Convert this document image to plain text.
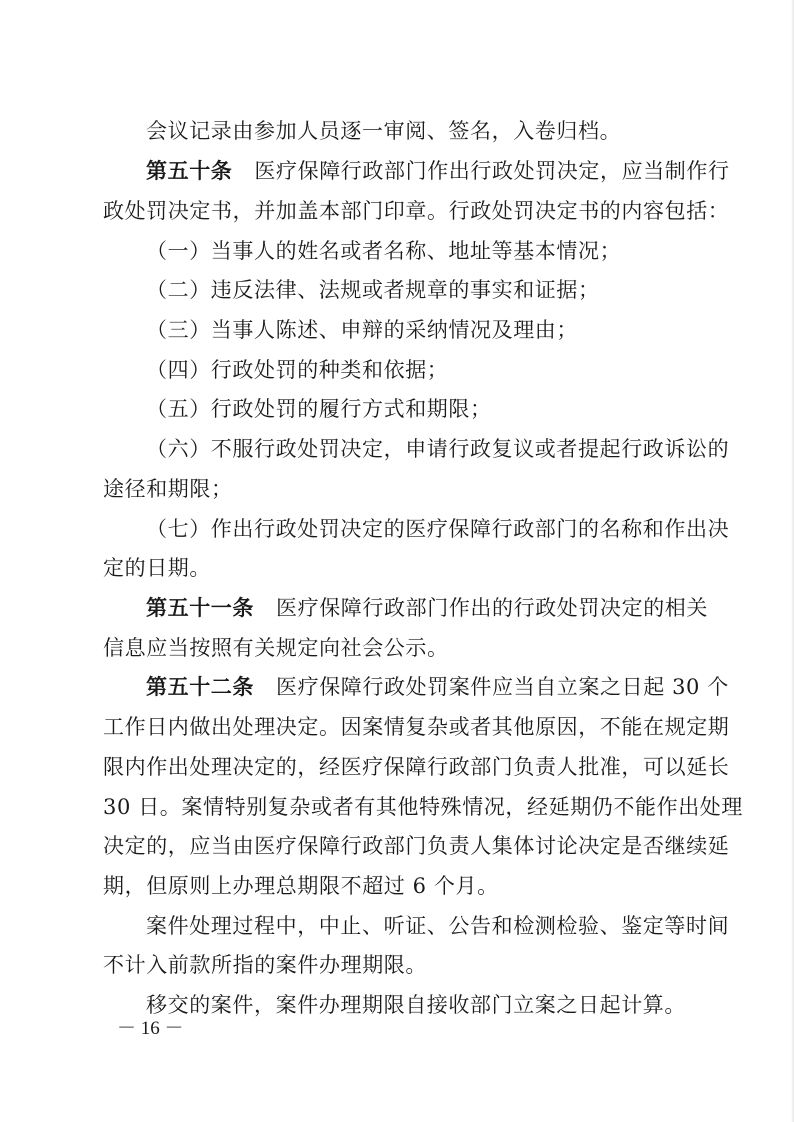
会议记录由参加人员逐一审阅、签名，入卷归档。
第五十条 医疗保障行政部门作出行政处罚决定，应当制作行
政处罚决定书，并加盖本部门印章。行政处罚决定书的内容包括：
（一）当事人的姓名或者名称、地址等基本情况；
（二）违反法律、法规或者规章的事实和证据；
（三）当事人陈述、申辩的采纳情况及理由；
（四）行政处罚的种类和依据；
（五）行政处罚的履行方式和期限；
（六）不服行政处罚决定，申请行政复议或者提起行政诉讼的
途径和期限；
（七）作出行政处罚决定的医疗保障行政部门的名称和作出决
定的日期。
第五十一条 医疗保障行政部门作出的行政处罚决定的相关
信息应当按照有关规定向社会公示。
第五十二条 医疗保障行政处罚案件应当自立案之日起 30 个
工作日内做出处理决定。因案情复杂或者其他原因，不能在规定期
限内作出处理决定的，经医疗保障行政部门负责人批准，可以延长
30 日。案情特别复杂或者有其他特殊情况，经延期仍不能作出处理
决定的，应当由医疗保障行政部门负责人集体讨论决定是否继续延
期，但原则上办理总期限不超过 6 个月。
案件处理过程中，中止、听证、公告和检测检验、鉴定等时间
不计入前款所指的案件办理期限。
移交的案件，案件办理期限自接收部门立案之日起计算。
－ 16 －
